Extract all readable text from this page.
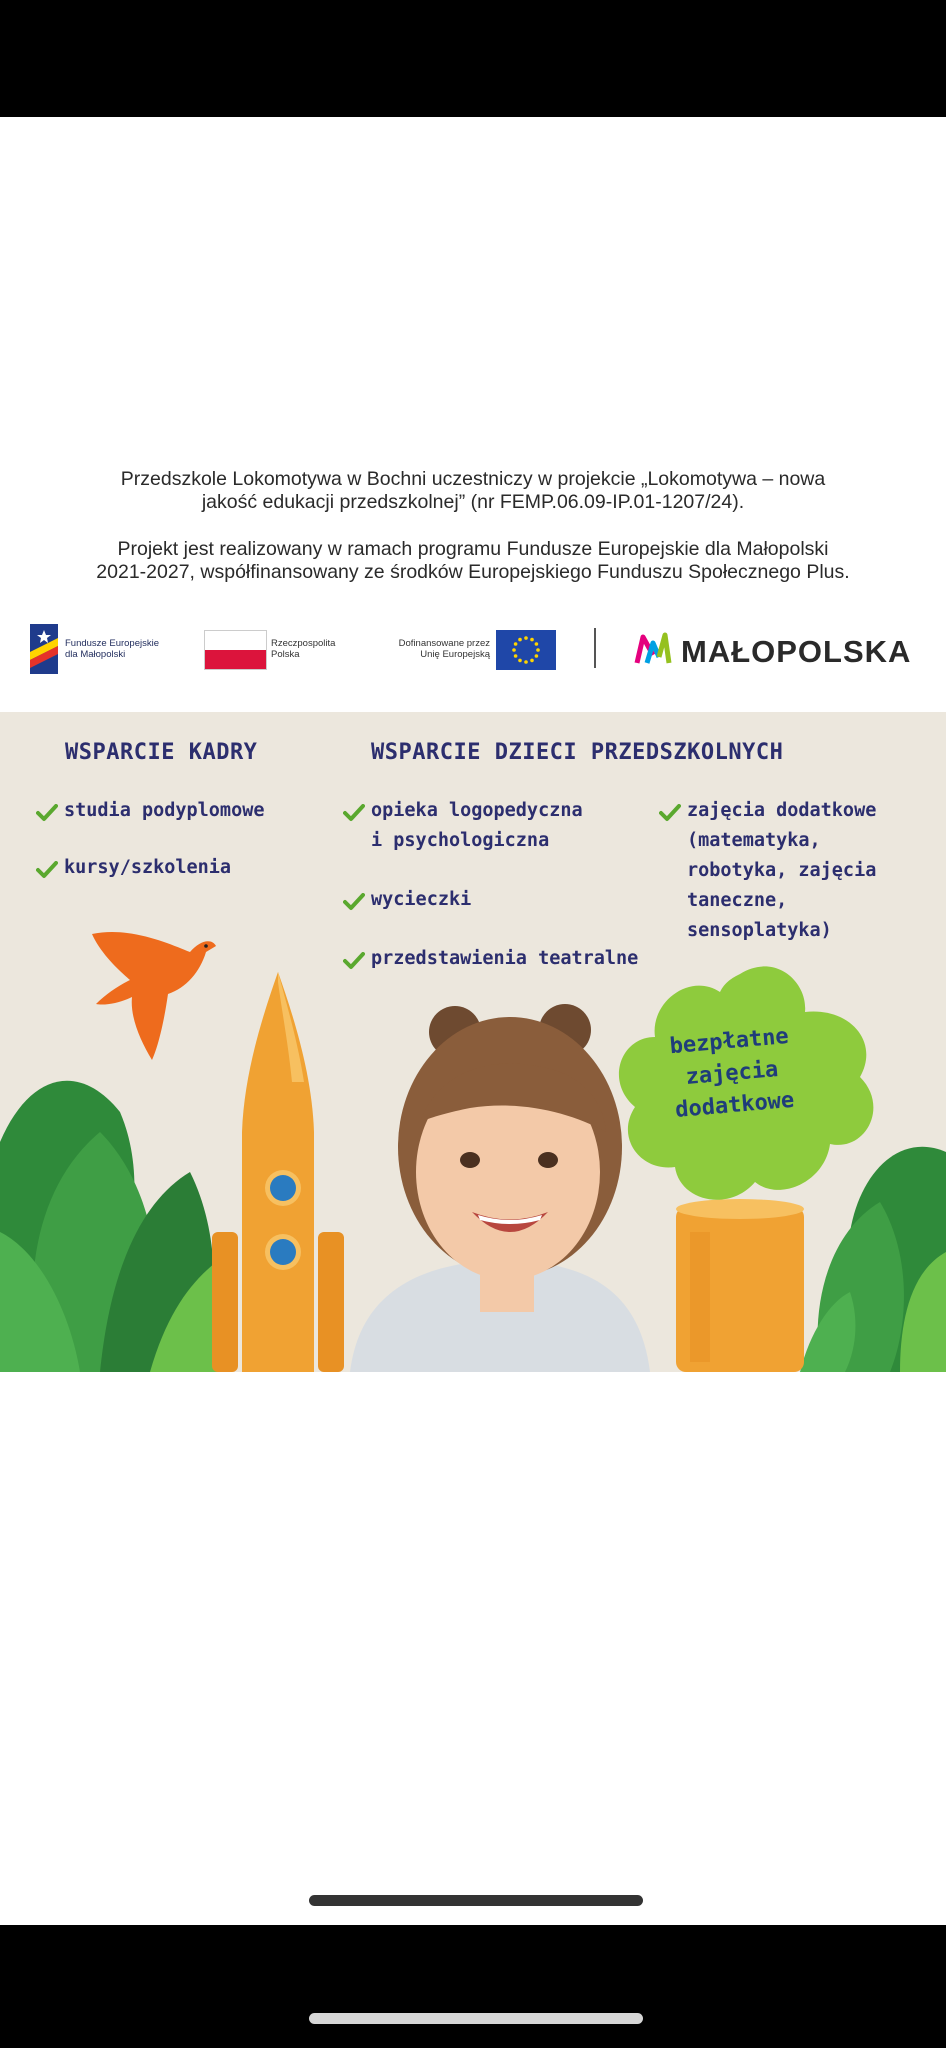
Przedszkole Lokomotywa w Bochni uczestniczy w projekcie „Lokomotywa – nowa

jakość edukacji przedszkolnej” (nr FEMP.06.09-IP.01-1207/24).

Projekt jest realizowany w ramach programu Fundusze Europejskie dla Małopolski

2021-2027, współfinansowany ze środków Europejskiego Funduszu Społecznego Plus.

Fundusze Europejskie
dla Małopolski
Rzeczpospolita
Polska
Dofinansowane przez
Unię Europejską	MAŁOPOLSKA
WSPARCIE KADRY	WSPARCIE DZIECI PRZEDSZKOLNYCH
studia podyplomowe
kursy/szkolenia
opieka logopedyczna
i psychologiczna
wycieczki
przedstawienia teatralne
zajęcia dodatkowe
(matematyka,
robotyka, zajęcia
taneczne,
sensoplatyka)
bezpłatne
zajęcia
dodatkowe
